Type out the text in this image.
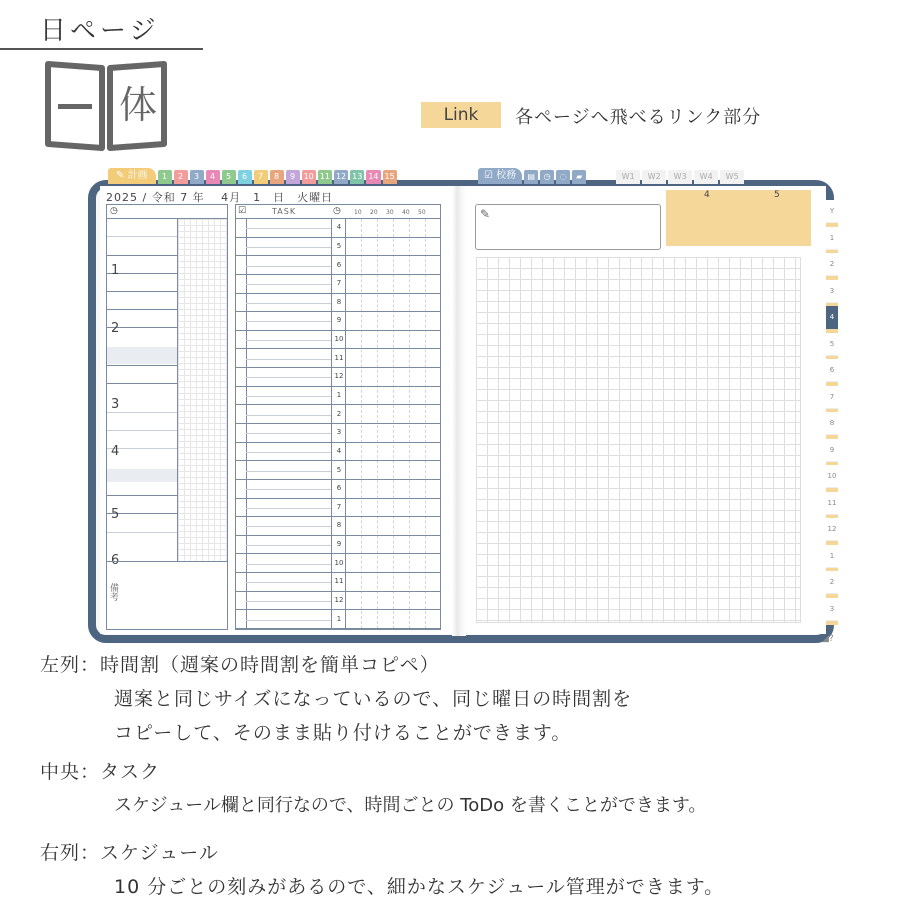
日ページ
体	Link	各ページへ飛べるリンク部分
✎ 計画	1	2	3	4	5	6	7	8	9	10 11 12 13 14 15	☑ 校務	▤	◷	◌	▰	W1	W2	W3	W4	W5
2025 / 令和 7 年　 4月　1　日　火曜日
◷
1
2
3
4
5
備考
☑	TASK	◷ 10 20 30 40 50
4
5
6
7
8
9
10
11
12
1
2
3
4
5
6
7
8
9
10
11
12
1
✎
4	5
Y
1
2
3
4
5
6
7
8
9
10
11
12
1
2
3
◢?
左列：時間割（週案の時間割を簡単コピペ）
週案と同じサイズになっているので、同じ曜日の時間割を
コピーして、そのまま貼り付けることができます。
中央：タスク
スケジュール欄と同行なので、時間ごとの ToDo を書くことができます。
右列：スケジュール
10 分ごとの刻みがあるので、細かなスケジュール管理ができます。
